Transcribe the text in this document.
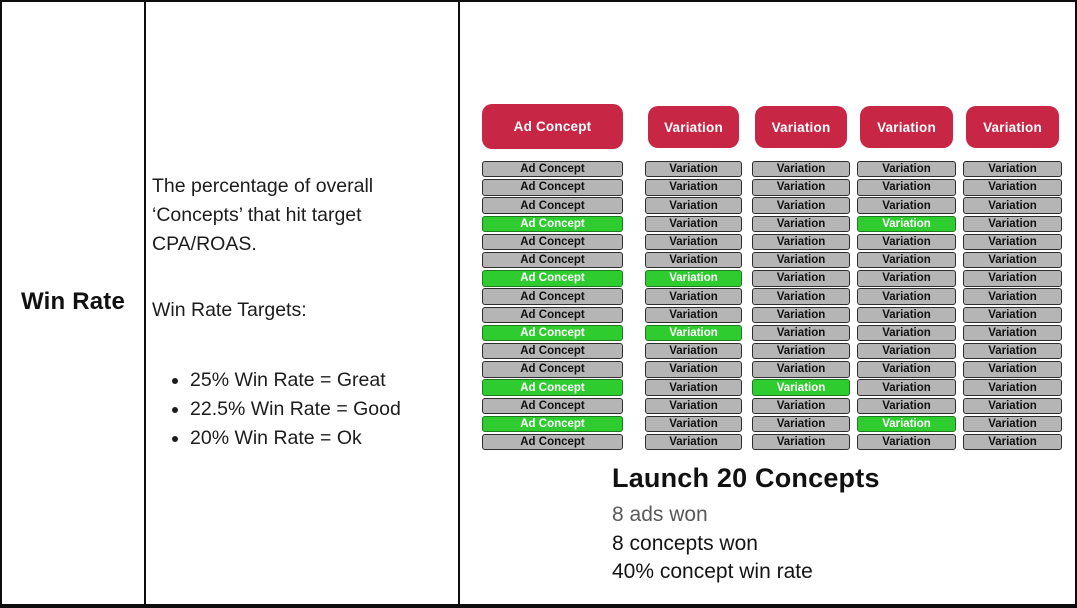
Win Rate

The percentage of overall ‘Concepts’ that hit target CPA/ROAS.

Win Rate Targets:

• 25% Win Rate = Great
• 22.5% Win Rate = Good
• 20% Win Rate = Ok
Ad Concept
Ad Concept
Ad Concept
Ad Concept
Ad Concept
Ad Concept
Ad Concept
Ad Concept
Ad Concept
Ad Concept
Ad Concept
Ad Concept
Ad Concept
Ad Concept
Ad Concept
Ad Concept
Ad Concept
Variation
Variation
Variation
Variation
Variation
Variation
Variation
Variation
Variation
Variation
Variation
Variation
Variation
Variation
Variation
Variation
Variation
Variation
Variation
Variation
Variation
Variation
Variation
Variation
Variation
Variation
Variation
Variation
Variation
Variation
Variation
Variation
Variation
Variation
Variation
Variation
Variation
Variation
Variation
Variation
Variation
Variation
Variation
Variation
Variation
Variation
Variation
Variation
Variation
Variation
Variation
Variation
Variation
Variation
Variation
Variation
Variation
Variation
Variation
Variation
Variation
Variation
Variation
Variation
Variation
Variation
Variation
Variation
Launch 20 Concepts
8 ads won
8 concepts won
40% concept win rate
